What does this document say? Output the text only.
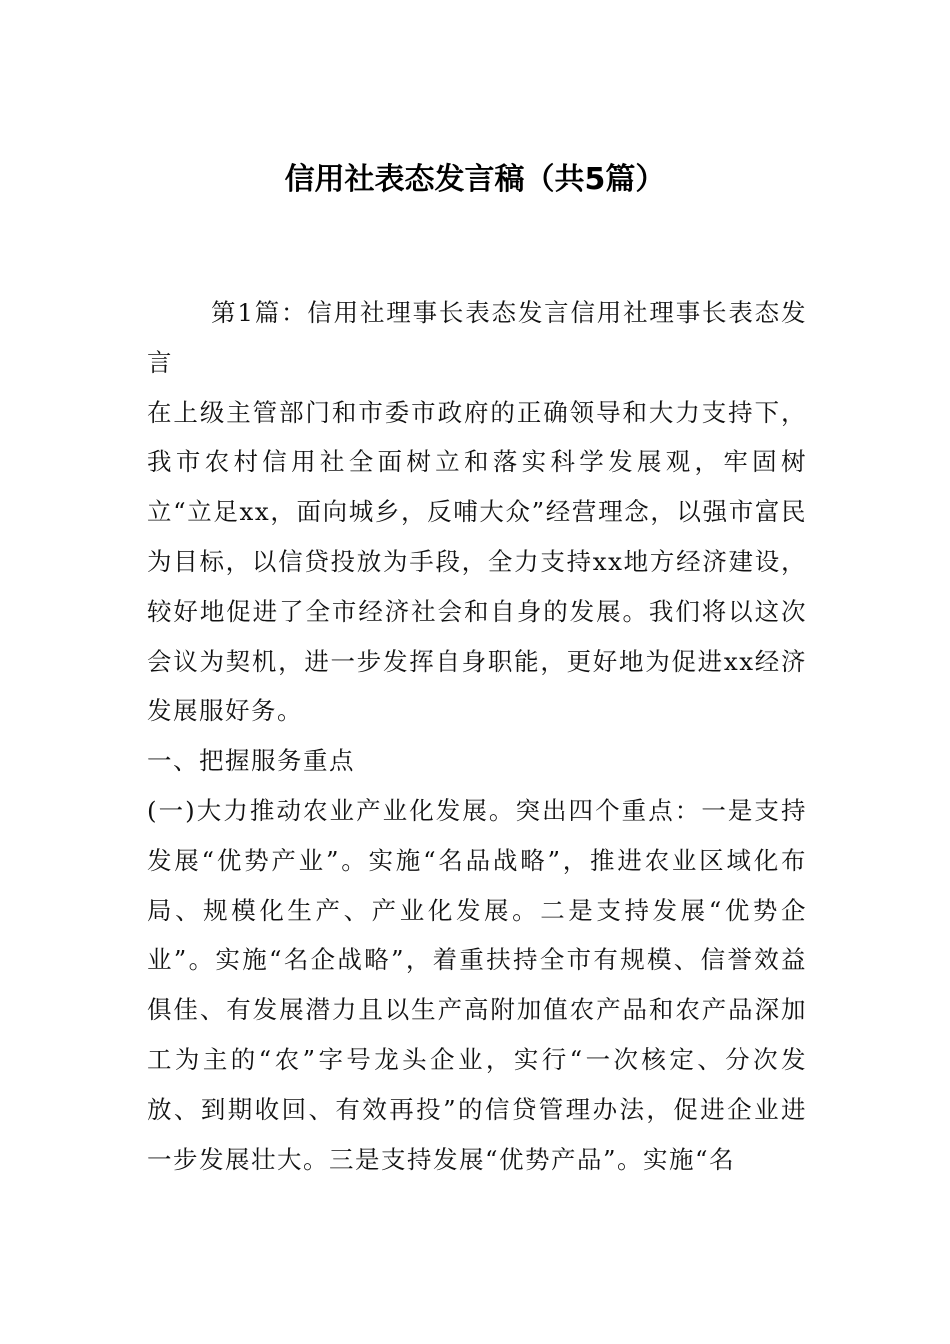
信用社表态发言稿（共5篇）

第1篇：信用社理事长表态发言信用社理事长表态发言

在上级主管部门和市委市政府的正确领导和大力支持下，我市农村信用社全面树立和落实科学发展观，牢固树立“立足xx，面向城乡，反哺大众”经营理念，以强市富民为目标，以信贷投放为手段，全力支持xx地方经济建设，较好地促进了全市经济社会和自身的发展。我们将以这次会议为契机，进一步发挥自身职能，更好地为促进xx经济发展服好务。

一、把握服务重点

(一)大力推动农业产业化发展。突出四个重点：一是支持发展“优势产业”。实施“名品战略”，推进农业区域化布局、规模化生产、产业化发展。二是支持发展“优势企业”。实施“名企战略”，着重扶持全市有规模、信誉效益俱佳、有发展潜力且以生产高附加值农产品和农产品深加工为主的“农”字号龙头企业，实行“一次核定、分次发放、到期收回、有效再投”的信贷管理办法，促进企业进一步发展壮大。三是支持发展“优势产品”。实施“名
